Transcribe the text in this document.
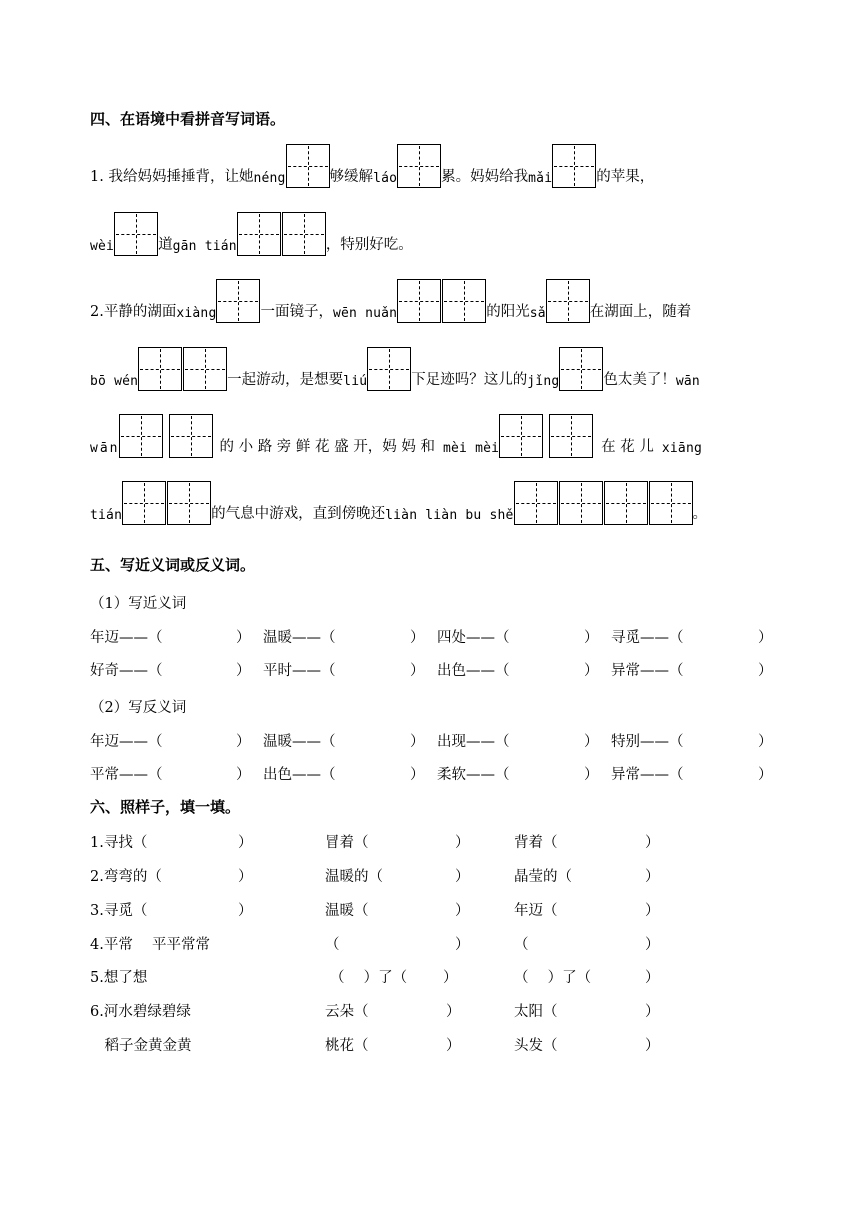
四、在语境中看拼音写词语。
1. 我给妈妈捶捶背，让她 néng	够缓解 láo	累。妈妈给我 mǎi	的苹果，
wèi	道 gān tián	，特别好吃。
2.平静的湖面 xiàng	一面镜子， wēn nuǎn	的阳光 sǎ	在湖面上，随着
bō wén	一起游动，是想要 liú	下足迹吗？这儿的 jǐng	色太美了！ wān
wān	的 小 路 旁 鲜 花 盛 开，妈 妈 和 mèi mèi	在 花 儿 xiāng
tián	的气息中游戏，直到傍晚还 liàn liàn bu shě	。
五、写近义词或反义词。
（1）写近义词
年迈——（	） 温暖——（	） 四处——（	） 寻觅——（	）
好奇——（	） 平时——（	） 出色——（	） 异常——（	）
（2）写反义词
年迈——（	） 温暖——（	） 出现——（	） 特别——（	）
平常——（	） 出色——（	） 柔软——（	） 异常——（	）
六、照样子，填一填。
1.寻找（	）	冒着（	）	背着（	）
2.弯弯的（	）	温暖的（	）	晶莹的（	）
3.寻觅（	）	温暖（	）	年迈（	）
4.平常　 平平常常	（	）	（	）
5.想了想	（　 ）了（ ）	（　 ）了（	）
6.河水碧绿碧绿	云朵（	）	太阳（	）
　稻子金黄金黄	桃花（	）	头发（	）
